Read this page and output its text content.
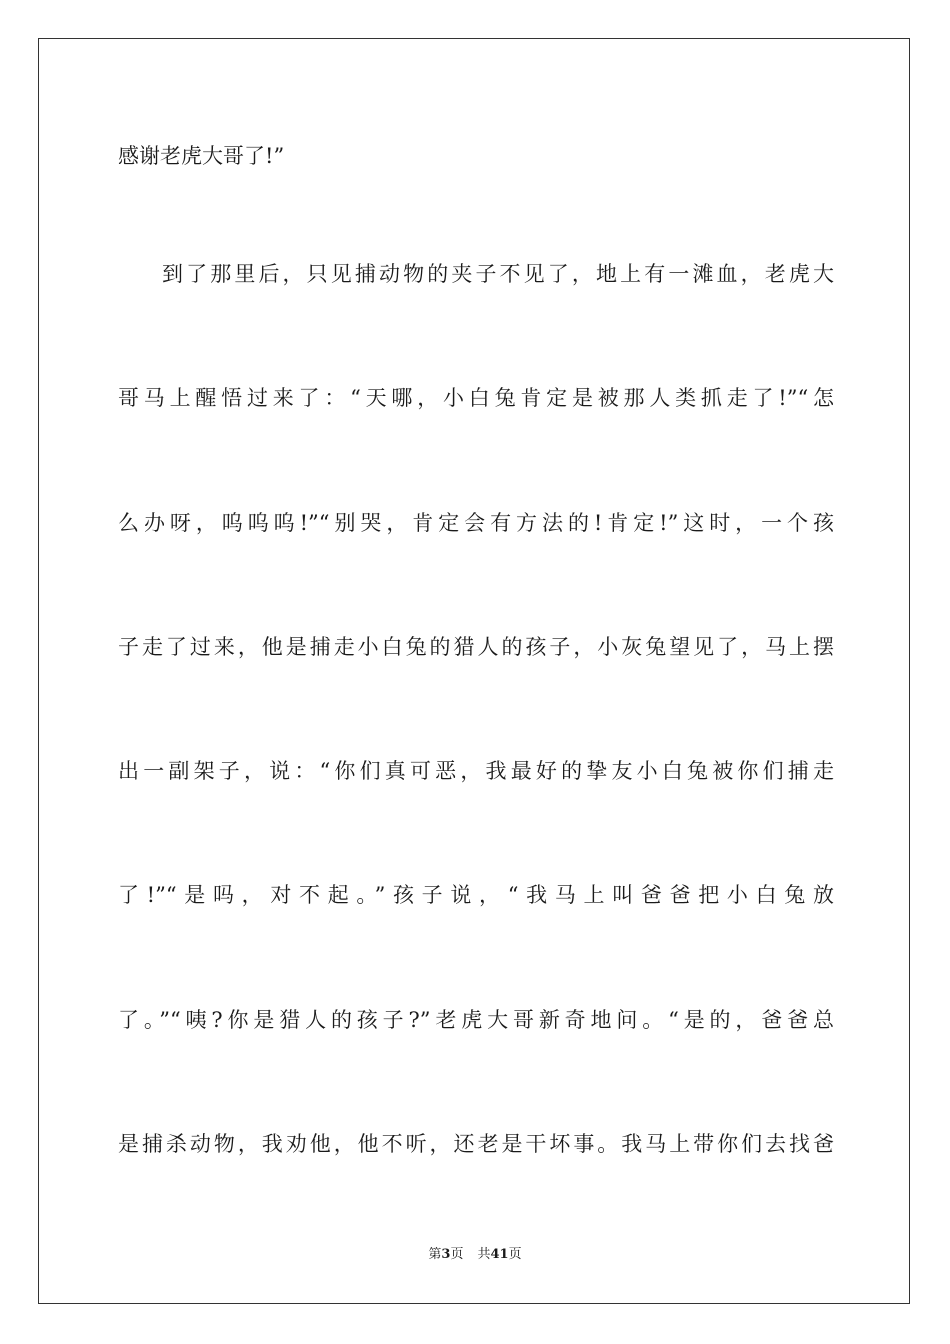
感谢老虎大哥了!”
到了那里后，只见捕动物的夹子不见了，地上有一滩血，老虎大
哥马上醒悟过来了：“天哪，小白兔肯定是被那人类抓走了!”“怎
么办呀，呜呜呜!”“别哭，肯定会有方法的!肯定!”这时，一个孩
子走了过来，他是捕走小白兔的猎人的孩子，小灰兔望见了，马上摆
出一副架子，说：“你们真可恶，我最好的挚友小白兔被你们捕走
了!”“是吗，对不起。”孩子说，“我马上叫爸爸把小白兔放
了。”“咦?你是猎人的孩子?”老虎大哥新奇地问。“是的，爸爸总
是捕杀动物，我劝他，他不听，还老是干坏事。我马上带你们去找爸
第3页 共41页
